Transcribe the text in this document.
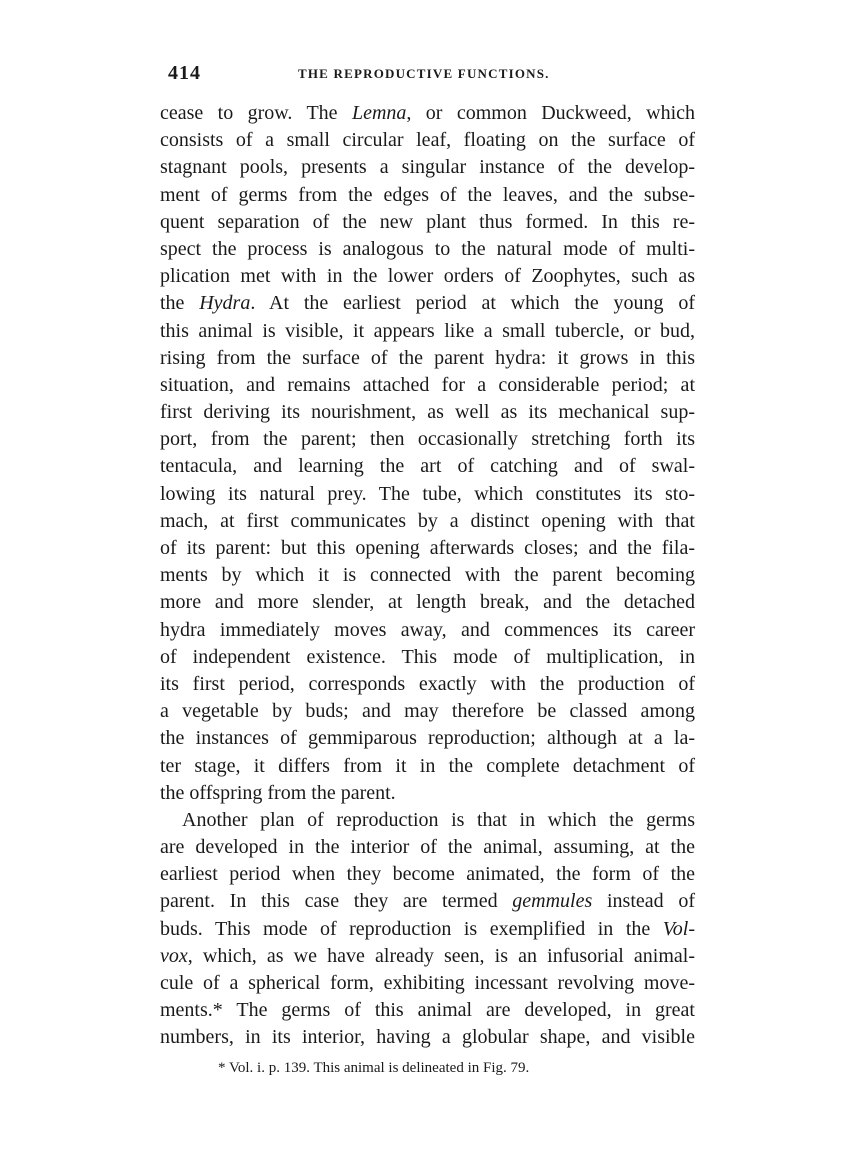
414	THE REPRODUCTIVE FUNCTIONS.
cease to grow. The Lemna, or common Duckweed, which
consists of a small circular leaf, floating on the surface of
stagnant pools, presents a singular instance of the develop-
ment of germs from the edges of the leaves, and the subse-
quent separation of the new plant thus formed. In this re-
spect the process is analogous to the natural mode of multi-
plication met with in the lower orders of Zoophytes, such as
the Hydra. At the earliest period at which the young of
this animal is visible, it appears like a small tubercle, or bud,
rising from the surface of the parent hydra: it grows in this
situation, and remains attached for a considerable period; at
first deriving its nourishment, as well as its mechanical sup-
port, from the parent; then occasionally stretching forth its
tentacula, and learning the art of catching and of swal-
lowing its natural prey. The tube, which constitutes its sto-
mach, at first communicates by a distinct opening with that
of its parent: but this opening afterwards closes; and the fila-
ments by which it is connected with the parent becoming
more and more slender, at length break, and the detached
hydra immediately moves away, and commences its career
of independent existence. This mode of multiplication, in
its first period, corresponds exactly with the production of
a vegetable by buds; and may therefore be classed among
the instances of gemmiparous reproduction; although at a la-
ter stage, it differs from it in the complete detachment of
the offspring from the parent.
Another plan of reproduction is that in which the germs
are developed in the interior of the animal, assuming, at the
earliest period when they become animated, the form of the
parent. In this case they are termed gemmules instead of
buds. This mode of reproduction is exemplified in the Vol-
vox, which, as we have already seen, is an infusorial animal-
cule of a spherical form, exhibiting incessant revolving move-
ments.* The germs of this animal are developed, in great
numbers, in its interior, having a globular shape, and visible
* Vol. i. p. 139. This animal is delineated in Fig. 79.
